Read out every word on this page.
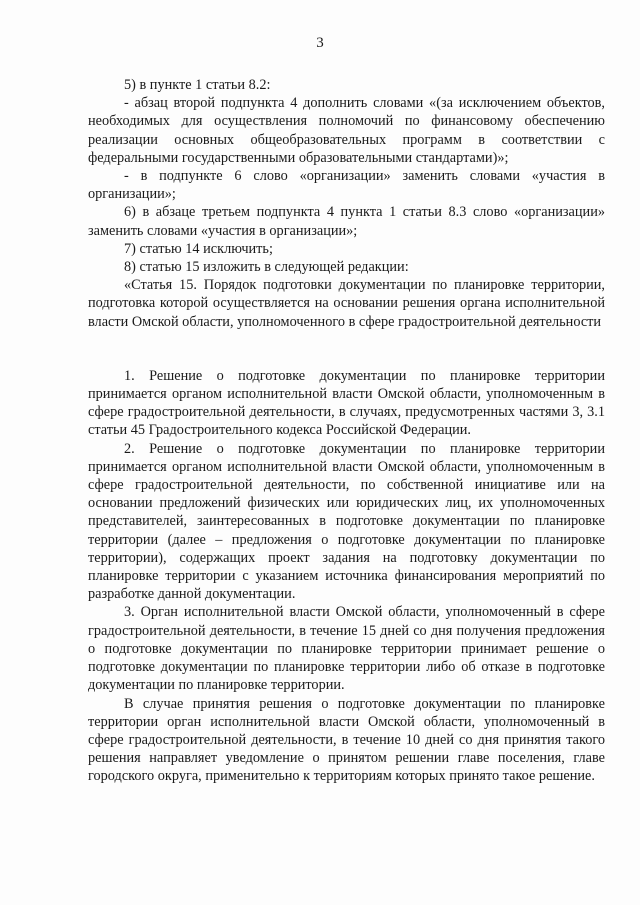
3

5) в пункте 1 статьи 8.2:

- абзац второй подпункта 4 дополнить словами «(за исключением объектов, необходимых для осуществления полномочий по финансовому обеспечению реализации основных общеобразовательных программ в соответствии с федеральными государственными образовательными стандартами)»;

- в подпункте 6 слово «организации» заменить словами «участия в организации»;

6) в абзаце третьем подпункта 4 пункта 1 статьи 8.3 слово «организации» заменить словами «участия в организации»;

7) статью 14 исключить;

8) статью 15 изложить в следующей редакции:

«Статья 15. Порядок подготовки документации по планировке территории, подготовка которой осуществляется на основании решения органа исполнительной власти Омской области, уполномоченного в сфере градостроительной деятельности

1. Решение о подготовке документации по планировке территории принимается органом исполнительной власти Омской области, уполномоченным в сфере градостроительной деятельности, в случаях, предусмотренных частями 3, 3.1 статьи 45 Градостроительного кодекса Российской Федерации.

2. Решение о подготовке документации по планировке территории принимается органом исполнительной власти Омской области, уполномоченным в сфере градостроительной деятельности, по собственной инициативе или на основании предложений физических или юридических лиц, их уполномоченных представителей, заинтересованных в подготовке документации по планировке территории (далее – предложения о подготовке документации по планировке территории), содержащих проект задания на подготовку документации по планировке территории с указанием источника финансирования мероприятий по разработке данной документации.

3. Орган исполнительной власти Омской области, уполномоченный в сфере градостроительной деятельности, в течение 15 дней со дня получения предложения о подготовке документации по планировке территории принимает решение о подготовке документации по планировке территории либо об отказе в подготовке документации по планировке территории.

В случае принятия решения о подготовке документации по планировке территории орган исполнительной власти Омской области, уполномоченный в сфере градостроительной деятельности, в течение 10 дней со дня принятия такого решения направляет уведомление о принятом решении главе поселения, главе городского округа, применительно к территориям которых принято такое решение.
